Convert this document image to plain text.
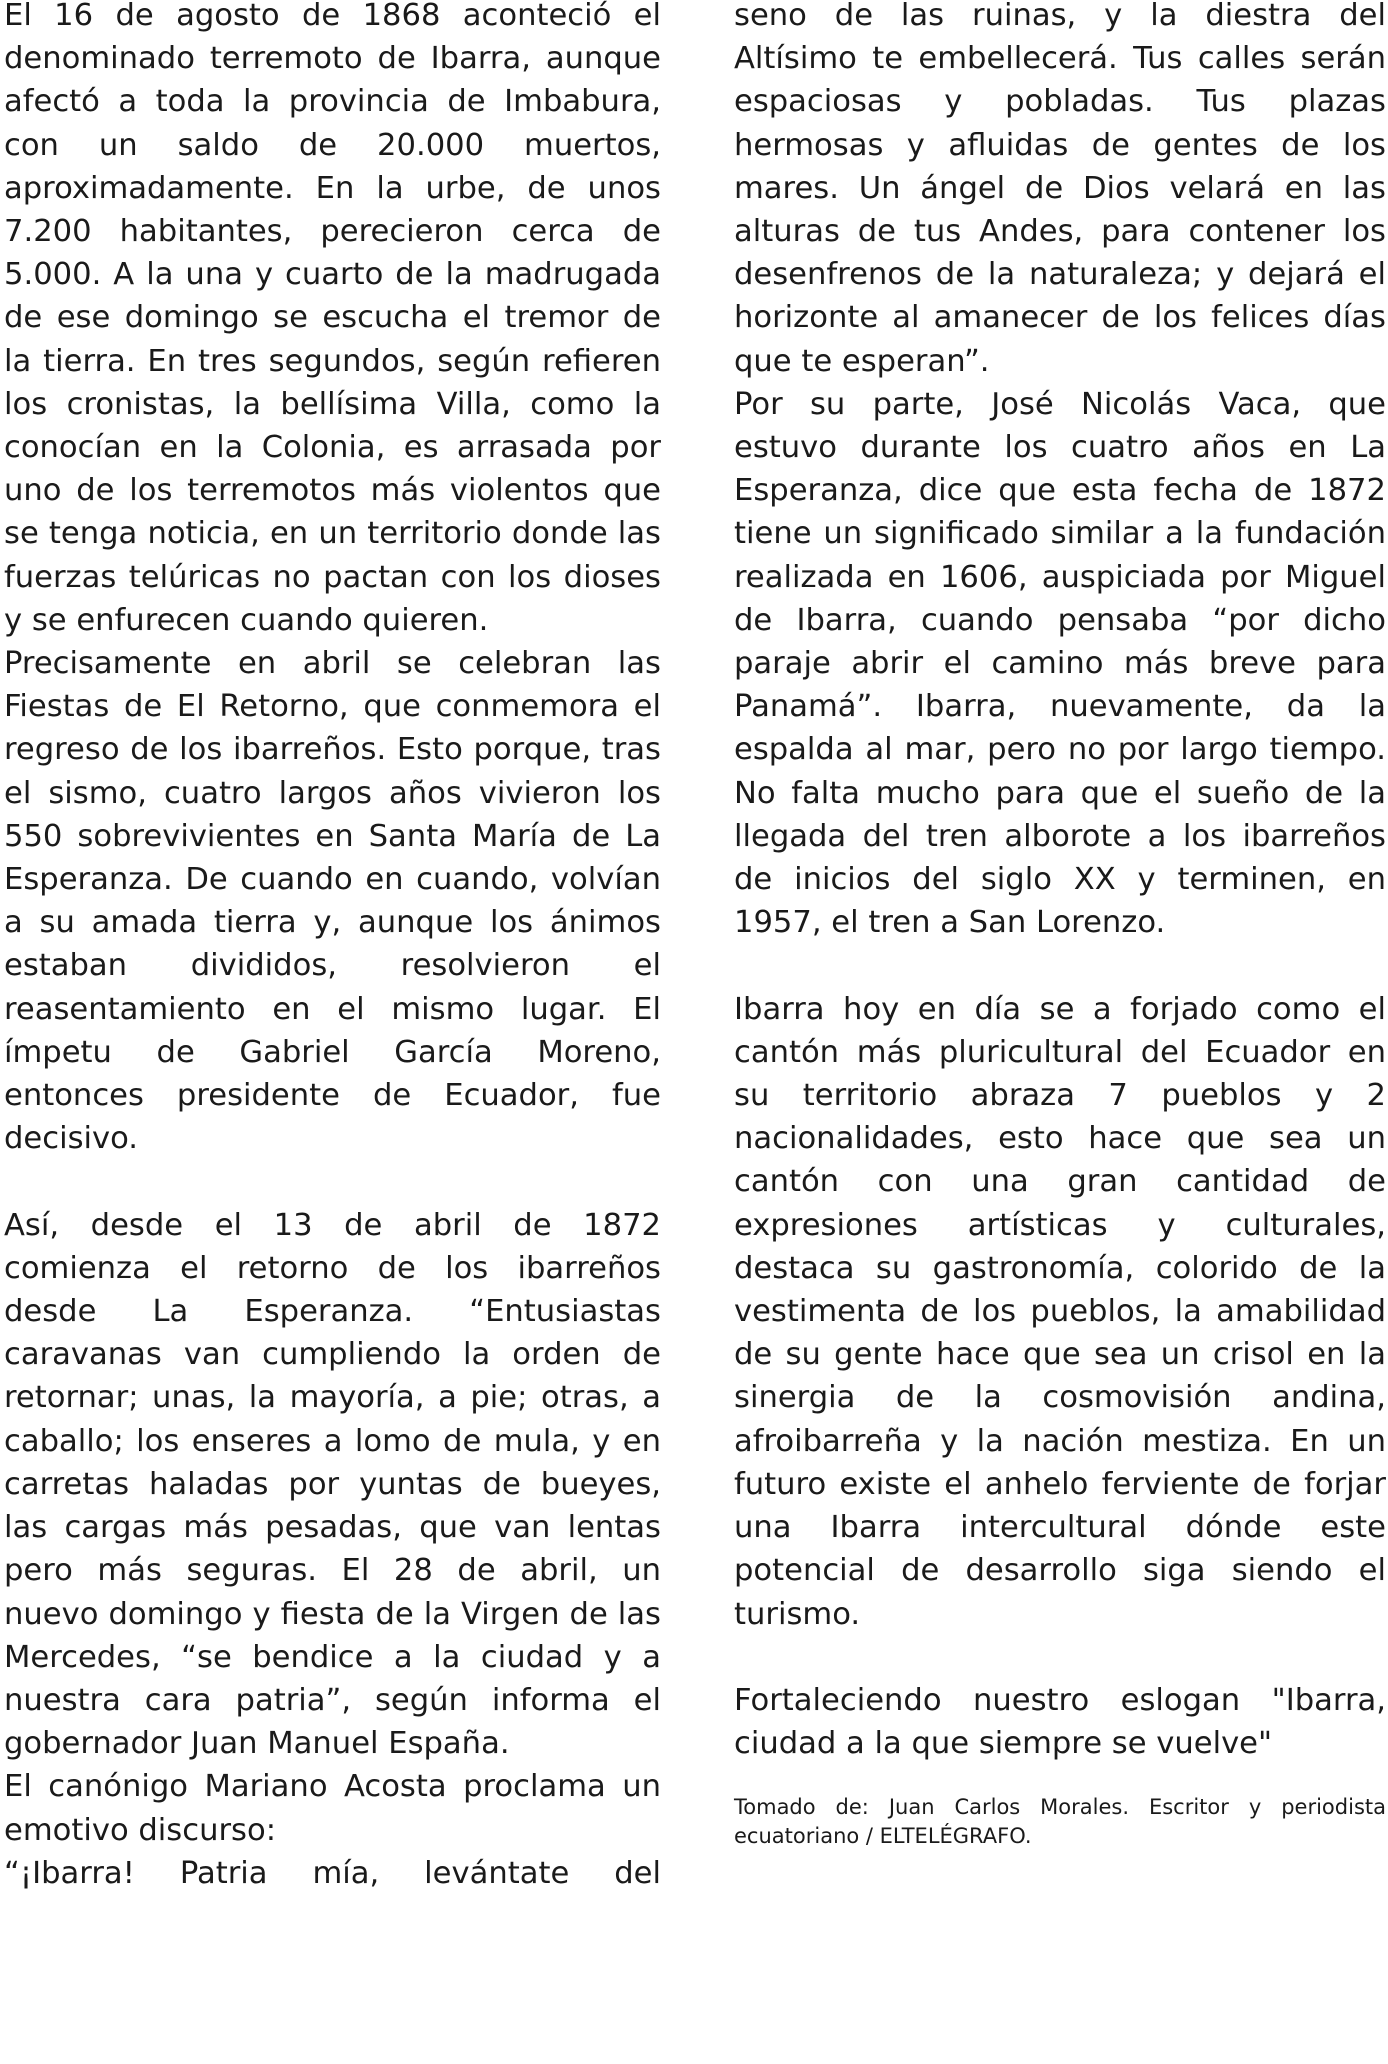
El 16 de agosto de 1868 aconteció el denominado terremoto de Ibarra, aunque afectó a toda la provincia de Imbabura, con un saldo de 20.000 muertos, aproximadamente. En la urbe, de unos 7.200 habitantes, perecieron cerca de 5.000. A la una y cuarto de la madrugada de ese domingo se escucha el tremor de la tierra. En tres segundos, según refieren los cronistas, la bellísima Villa, como la conocían en la Colonia, es arrasada por uno de los terremotos más violentos que se tenga noticia, en un territorio donde las fuerzas telúricas no pactan con los dioses y se enfurecen cuando quieren.

Precisamente en abril se celebran las Fiestas de El Retorno, que conmemora el regreso de los ibarreños. Esto porque, tras el sismo, cuatro largos años vivieron los 550 sobrevivientes en Santa María de La Esperanza. De cuando en cuando, volvían a su amada tierra y, aunque los ánimos estaban divididos, resolvieron el reasentamiento en el mismo lugar. El ímpetu de Gabriel García Moreno, entonces presidente de Ecuador, fue decisivo.

Así, desde el 13 de abril de 1872 comienza el retorno de los ibarreños desde La Esperanza. “Entusiastas caravanas van cumpliendo la orden de retornar; unas, la mayoría, a pie; otras, a caballo; los enseres a lomo de mula, y en carretas haladas por yuntas de bueyes, las cargas más pesadas, que van lentas pero más seguras. El 28 de abril, un nuevo domingo y fiesta de la Virgen de las Mercedes, “se bendice a la ciudad y a nuestra cara patria”, según informa el gobernador Juan Manuel España.

El canónigo Mariano Acosta proclama un emotivo discurso:

“¡Ibarra! Patria mía, levántate del

seno de las ruinas, y la diestra del Altísimo te embellecerá. Tus calles serán espaciosas y pobladas. Tus plazas hermosas y afluidas de gentes de los mares. Un ángel de Dios velará en las alturas de tus Andes, para contener los desenfrenos de la naturaleza; y dejará el horizonte al amanecer de los felices días que te esperan”.

Por su parte, José Nicolás Vaca, que estuvo durante los cuatro años en La Esperanza, dice que esta fecha de 1872 tiene un significado similar a la fundación realizada en 1606, auspiciada por Miguel de Ibarra, cuando pensaba “por dicho paraje abrir el camino más breve para Panamá”. Ibarra, nuevamente, da la espalda al mar, pero no por largo tiempo. No falta mucho para que el sueño de la llegada del tren alborote a los ibarreños de inicios del siglo XX y terminen, en 1957, el tren a San Lorenzo.

Ibarra hoy en día se a forjado como el cantón más pluricultural del Ecuador en su territorio abraza 7 pueblos y 2 nacionalidades, esto hace que sea un cantón con una gran cantidad de expresiones artísticas y culturales, destaca su gastronomía, colorido de la vestimenta de los pueblos, la amabilidad de su gente hace que sea un crisol en la sinergia de la cosmovisión andina, afroibarreña y la nación mestiza. En un futuro existe el anhelo ferviente de forjar una Ibarra intercultural dónde este potencial de desarrollo siga siendo el turismo.

Fortaleciendo nuestro eslogan "Ibarra, ciudad a la que siempre se vuelve"

Tomado de: Juan Carlos Morales. Escritor y periodista ecuatoriano / ELTELÉGRAFO.
